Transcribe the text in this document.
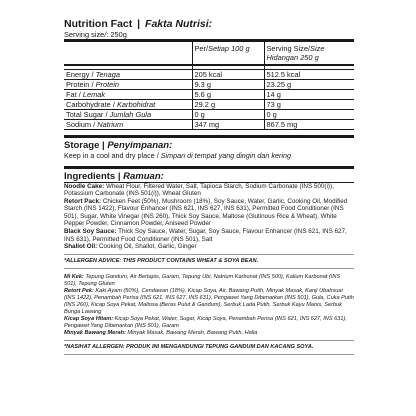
Nutrition Fact | Fakta Nutrisi:
Serving size/: 250g
	Per/Setiap 100 g	Serving Size/Size Hidangan 250 g

Energy / Tenaga	205 kcal	512.5 kcal
Protein / Protein	9.3 g	23.25 g
Fat / Lemak	5.6 g	14 g
Carbohydrate / Karbohidrat	29.2 g	73 g
Total Sugar / Jumlah Gula	0 g	0 g
Sodium / Natrium	347 mg	867.5 mg
Storage | Penyimpanan:
Keep in a cool and dry place / Simpan di tempat yang dingin dan kering
Ingredients | Ramuan:

Noodle Cake: Wheat Flour, Filtered Water, Salt, Tapioca Starch, Sodium Carbonate (INS 500(i)), Potassium Carbonate (INS 501(i)), Wheat Gluten

Retort Pack: Chicken Feet (50%), Mushroom (18%), Soy Sauce, Water, Garlic, Cooking Oil, Modified Starch (INS 1422), Flavour Enhancer (INS 621, INS 627, INS 631), Permitted Food Conditioner (INS 501), Sugar, White Vinegar (INS 260), Thick Soy Sauce, Maltose (Glutinous Rice & Wheat), White Pepper Powder, Cinnamon Powder, Aniseed Powder

Black Soy Sauce: Thick Soy Sauce, Water, Sugar, Soy Sauce, Flavour Enhancer (INS 621, INS 627, INS 631), Permitted Food Conditioner (INS 501), Salt

Shallot Oil: Cooking Oil, Shallot, Garlic, Ginger

*ALLERGEN ADVICE: THIS PRODUCT CONTAINS WHEAT & SOYA BEAN.

Mi Kek: Tepung Gandum, Air Bertapis, Garam, Tepung Ubi, Natrium Karbonat (INS 500), Kalium Karbonat (INS 501), Tepung Gluten

Retort Pek: Kaki Ayam (50%), Cendawan (18%), Kicap Soya, Air, Bawang Putih, Minyak Masak, Kanji Ubahsuai (INS 1422), Penambah Perisa (INS 621, INS 627, INS 631), Pengawet Yang Dibenarkan (INS 501), Gula, Cuka Putih (INS 260), Kicap Soya Pekat, Maltosa (Beras Pulut & Gandum), Serbuk Lada Putih, Serbuk Kayu Manis, Serbuk Bunga Lawang

Kicap Soya Hitam: Kicap Soya Pekat, Water, Sugar, Kicap Soya, Penambah Perisa (INS 621, INS 627, INS 631), Pengawet Yang Dibenarkan (INS 501), Garam

Minyak Bawang Merah: Minyak Masak, Bawang Merah, Bawang Putih, Halia

*NASIHAT ALLERGEN: PRODUK INI MENGANDUNGI TEPUNG GANDUM DAN KACANG SOYA.
